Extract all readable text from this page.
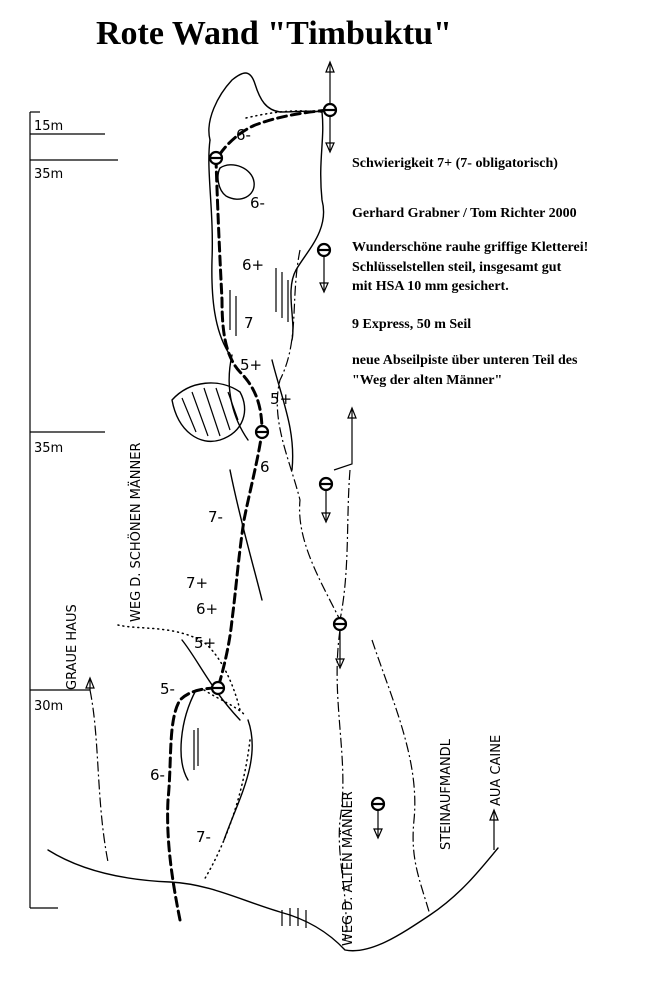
Rote Wand "Timbuktu"
Schwierigkeit 7+ (7- obligatorisch)
Gerhard Grabner / Tom Richter 2000
Wunderschöne rauhe griffige Kletterei!
Schlüsselstellen steil, insgesamt gut
mit HSA 10 mm gesichert.
9 Express, 50 m Seil
neue Abseilpiste über unteren Teil des
"Weg der alten Männer"
15m
35m
35m
30m
6-
6-
6+
7
5+
5+
6
7-
7+
6+
5+
5-
6-
7-
WEG D. SCHÖNEN MÄNNER
GRAUE HAUS
WEG D. ALTEN MÄNNER	STEINAUFMANDL	AUA CAINE
